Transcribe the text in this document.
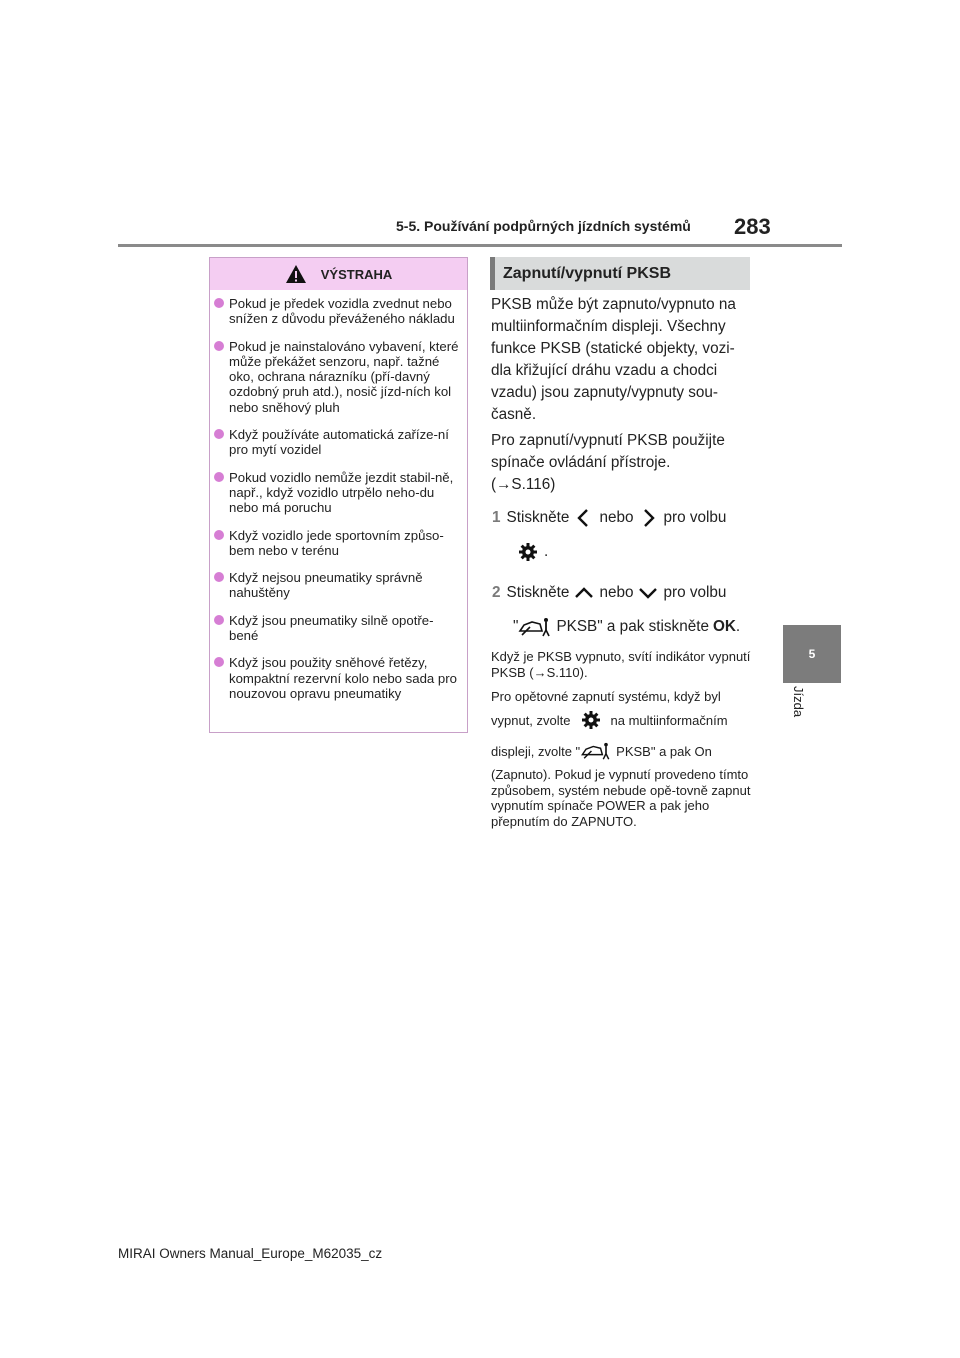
5-5. Používání podpůrných jízdních systémů 283
5
Jízda
VÝSTRAHA
Pokud je předek vozidla zvednut nebo snížen z důvodu převáženého nákladu
Pokud je nainstalováno vybavení, které může překážet senzoru, např. tažné oko, ochrana nárazníku (pří-davný ozdobný pruh atd.), nosič jízd-ních kol nebo sněhový pluh
Když používáte automatická zaříze-ní pro mytí vozidel
Pokud vozidlo nemůže jezdit stabil-ně, např., když vozidlo utrpělo neho-du nebo má poruchu
Když vozidlo jede sportovním způso-bem nebo v terénu
Když nejsou pneumatiky správně nahuštěny
Když jsou pneumatiky silně opotře-bené
Když jsou použity sněhové řetězy, kompaktní rezervní kolo nebo sada pro nouzovou opravu pneumatiky
Zapnutí/vypnutí PKSB

PKSB může být zapnuto/vypnuto na multiinformačním displeji. Všechny funkce PKSB (statické objekty, vozi-dla křižující dráhu vzadu a chodci vzadu) jsou zapnuty/vypnuty sou-časně.

Pro zapnutí/vypnutí PKSB použijte spínače ovládání přístroje.

(→S.116)

1 Stiskněte nebo pro volbu
.
2 Stiskněte nebo pro volbu
" PKSB" a pak stiskněte OK .

Když je PKSB vypnuto, svítí indikátor vypnutí PKSB (→S.110).

Pro opětovné zapnutí systému, když byl

vypnut, zvolte	na multiinformačním
displeji, zvolte "	PKSB" a pak On

(Zapnuto). Pokud je vypnutí provedeno tímto způsobem, systém nebude opě-tovně zapnut vypnutím spínače POWER a pak jeho přepnutím do ZAPNUTO.

MIRAI Owners Manual_Europe_M62035_cz
